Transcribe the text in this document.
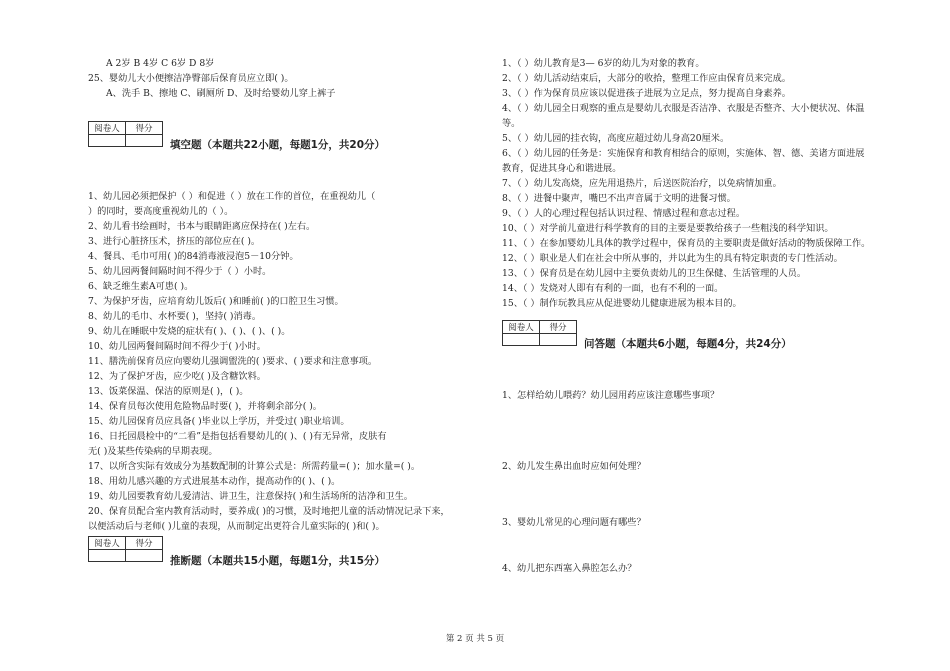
A 2岁 B 4岁 C 6岁 D 8岁
25、婴幼儿大小便擦洁净臀部后保育员应立即( )。
A、洗手 B、擦地 C、刷厕所 D、及时给婴幼儿穿上裤子
阅卷人	得分

填空题（本题共22小题，每题1分，共20分）
1、幼儿园必须把保护（ ）和促进（ ）放在工作的首位，在重视幼儿（
）的同时，要高度重视幼儿的（ ）。
2、幼儿看书绘画时，书本与眼睛距离应保持在( )左右。
3、进行心脏挤压术，挤压的部位应在( )。
4、餐具、毛巾可用( )的84消毒液浸泡5－10分钟。
5、幼儿园两餐间隔时间不得少于（ ）小时。
6、缺乏维生素A可患( )。
7、为保护牙齿，应培育幼儿饭后( )和睡前( )的口腔卫生习惯。
8、幼儿的毛巾、水杯要( )，坚持( )消毒。
9、幼儿在睡眠中发烧的症状有( )、( )、( )、( )。
10、幼儿园两餐间隔时间不得少于( )小时。
11、膳洗前保育员应向婴幼儿强调盥洗的( )要求、( )要求和注意事项。
12、为了保护牙齿，应少吃( )及含糖饮料。
13、饭菜保温、保洁的原则是( )，( )。
14、保育员每次使用危险物品时要( )，并将剩余部分( )。
15、幼儿园保育员应具备( )毕业以上学历，并受过( )职业培训。
16、日托园晨检中的“二看”是指包括看婴幼儿的( )、( )有无异常，皮肤有
无( )及某些传染病的早期表现。
17、以所含实际有效成分为基数配制的计算公式是：所需药量=( )；加水量=( )。
18、用幼儿感兴趣的方式进展基本动作，提高动作的( )、( )。
19、幼儿园要教育幼儿爱清洁、讲卫生，注意保持( )和生活场所的洁净和卫生。
20、保育员配合室内教育活动时，要养成( )的习惯，及时地把儿童的活动情况记录下来，
以便活动后与老师( )儿童的表现，从而制定出更符合儿童实际的( )和( )。
阅卷人	得分

推断题（本题共15小题，每题1分，共15分）
1、（ ）幼儿教育是3— 6岁的幼儿为对象的教育。
2、（ ）幼儿活动结束后，大部分的收拾，整理工作应由保育员来完成。
3、（ ）作为保育员应该以促进孩子进展为立足点，努力提高自身素养。
4、（ ）幼儿园全日观察的重点是婴幼儿衣服是否洁净、衣服是否整齐、大小便状况、体温
等。
5、（ ）幼儿园的挂衣钩，高度应超过幼儿身高20厘米。
6、（ ）幼儿园的任务是：实施保育和教育相结合的原则，实施体、智、德、美诸方面进展
教育，促进其身心和谐进展。
7、（ ）幼儿发高烧，应先用退热片，后送医院治疗，以免病情加重。
8、（ ）进餐中聚声，嘴巴不出声音属于文明的进餐习惯。
9、（ ）人的心理过程包括认识过程、情感过程和意志过程。
10、（ ）对学前儿童进行科学教育的目的主要是要教给孩子一些粗浅的科学知识。
11、（ ）在参加婴幼儿具体的教学过程中，保育员的主要职责是做好活动的物质保障工作。
12、（ ）职业是人们在社会中所从事的，并以此为生的具有特定职责的专门性活动。
13、（ ）保育员是在幼儿园中主要负责幼儿的卫生保健、生活管理的人员。
14、（ ）发烧对人即有有利的一面，也有不利的一面。
15、（ ）制作玩教具应从促进婴幼儿健康进展为根本目的。
阅卷人	得分

问答题（本题共6小题，每题4分，共24分）
1、怎样给幼儿喂药？幼儿园用药应该注意哪些事项？
2、幼儿发生鼻出血时应如何处理？
3、婴幼儿常见的心理问题有哪些？
4、幼儿把东西塞入鼻腔怎么办？
第 2 页 共 5 页
